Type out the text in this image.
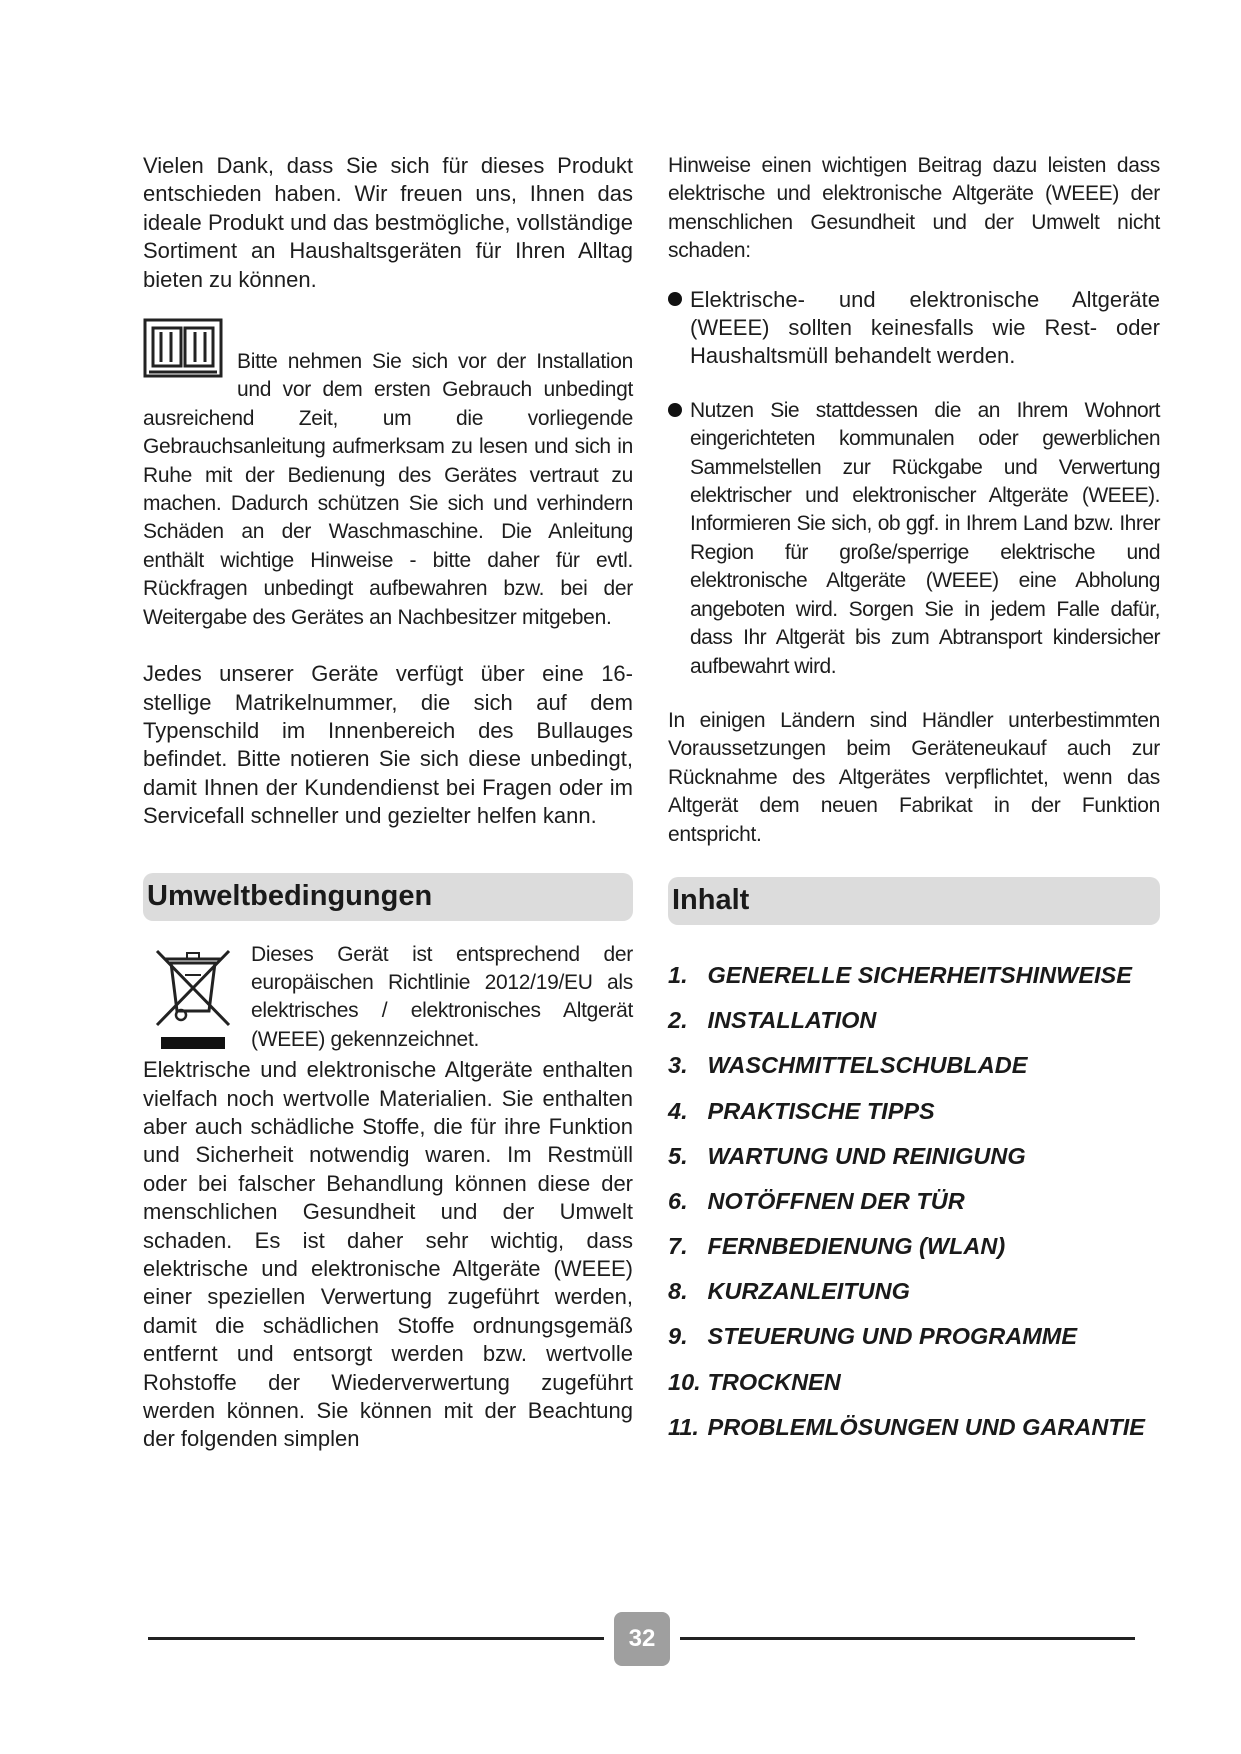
Vielen Dank, dass Sie sich für dieses Produkt entschieden haben. Wir freuen uns, Ihnen das ideale Produkt und das bestmögliche, vollständige Sortiment an Haushaltsgeräten für Ihren Alltag bieten zu können.

Bitte nehmen Sie sich vor der Installation und vor dem ersten Gebrauch unbedingt ausreichend Zeit, um die vorliegende Gebrauchsanleitung aufmerksam zu lesen und sich in Ruhe mit der Bedienung des Gerätes vertraut zu machen. Dadurch schützen Sie sich und verhindern Schäden an der Waschmaschine. Die Anleitung enthält wichtige Hinweise - bitte daher für evtl. Rückfragen unbedingt aufbewahren bzw. bei der Weitergabe des Gerätes an Nachbesitzer mitgeben.

Jedes unserer Geräte verfügt über eine 16-stellige Matrikelnummer, die sich auf dem Typenschild im Innenbereich des Bullauges befindet. Bitte notieren Sie sich diese unbedingt, damit Ihnen der Kundendienst bei Fragen oder im Servicefall schneller und gezielter helfen kann.

Umweltbedingungen

Dieses Gerät ist entsprechend der europäischen Richtlinie 2012/19/EU als elektrisches / elektronisches Altgerät (WEEE) gekennzeichnet.

Elektrische und elektronische Altgeräte enthalten vielfach noch wertvolle Materialien. Sie enthalten aber auch schädliche Stoffe, die für ihre Funktion und Sicherheit notwendig waren. Im Restmüll oder bei falscher Behandlung können diese der menschlichen Gesundheit und der Umwelt schaden. Es ist daher sehr wichtig, dass elektrische und elektronische Altgeräte (WEEE) einer speziellen Verwertung zugeführt werden, damit die schädlichen Stoffe ordnungsgemäß entfernt und entsorgt werden bzw. wertvolle Rohstoffe der Wiederverwertung zugeführt werden können. Sie können mit der Beachtung der folgenden simplen

Hinweise einen wichtigen Beitrag dazu leisten dass elektrische und elektronische Altgeräte (WEEE) der menschlichen Gesundheit und der Umwelt nicht schaden:

Elektrische- und elektronische Altgeräte (WEEE) sollten keinesfalls wie Rest- oder Haushaltsmüll behandelt werden.
Nutzen Sie stattdessen die an Ihrem Wohnort eingerichteten kommunalen oder gewerblichen Sammelstellen zur Rückgabe und Verwertung elektrischer und elektronischer Altgeräte (WEEE). Informieren Sie sich, ob ggf. in Ihrem Land bzw. Ihrer Region für große/sperrige elektrische und elektronische Altgeräte (WEEE) eine Abholung angeboten wird. Sorgen Sie in jedem Falle dafür, dass Ihr Altgerät bis zum Abtransport kindersicher aufbewahrt wird.

In einigen Ländern sind Händler unterbestimmten Voraussetzungen beim Geräteneukauf auch zur Rücknahme des Altgerätes verpflichtet, wenn das Altgerät dem neuen Fabrikat in der Funktion entspricht.

Inhalt
1. GENERELLE SICHERHEITSHINWEISE
2. INSTALLATION
3. WASCHMITTELSCHUBLADE
4. PRAKTISCHE TIPPS
5. WARTUNG UND REINIGUNG
6. NOTÖFFNEN DER TÜR
7. FERNBEDIENUNG (WLAN)
8. KURZANLEITUNG
9. STEUERUNG UND PROGRAMME
10. TROCKNEN
11. PROBLEMLÖSUNGEN UND GARANTIE
32
